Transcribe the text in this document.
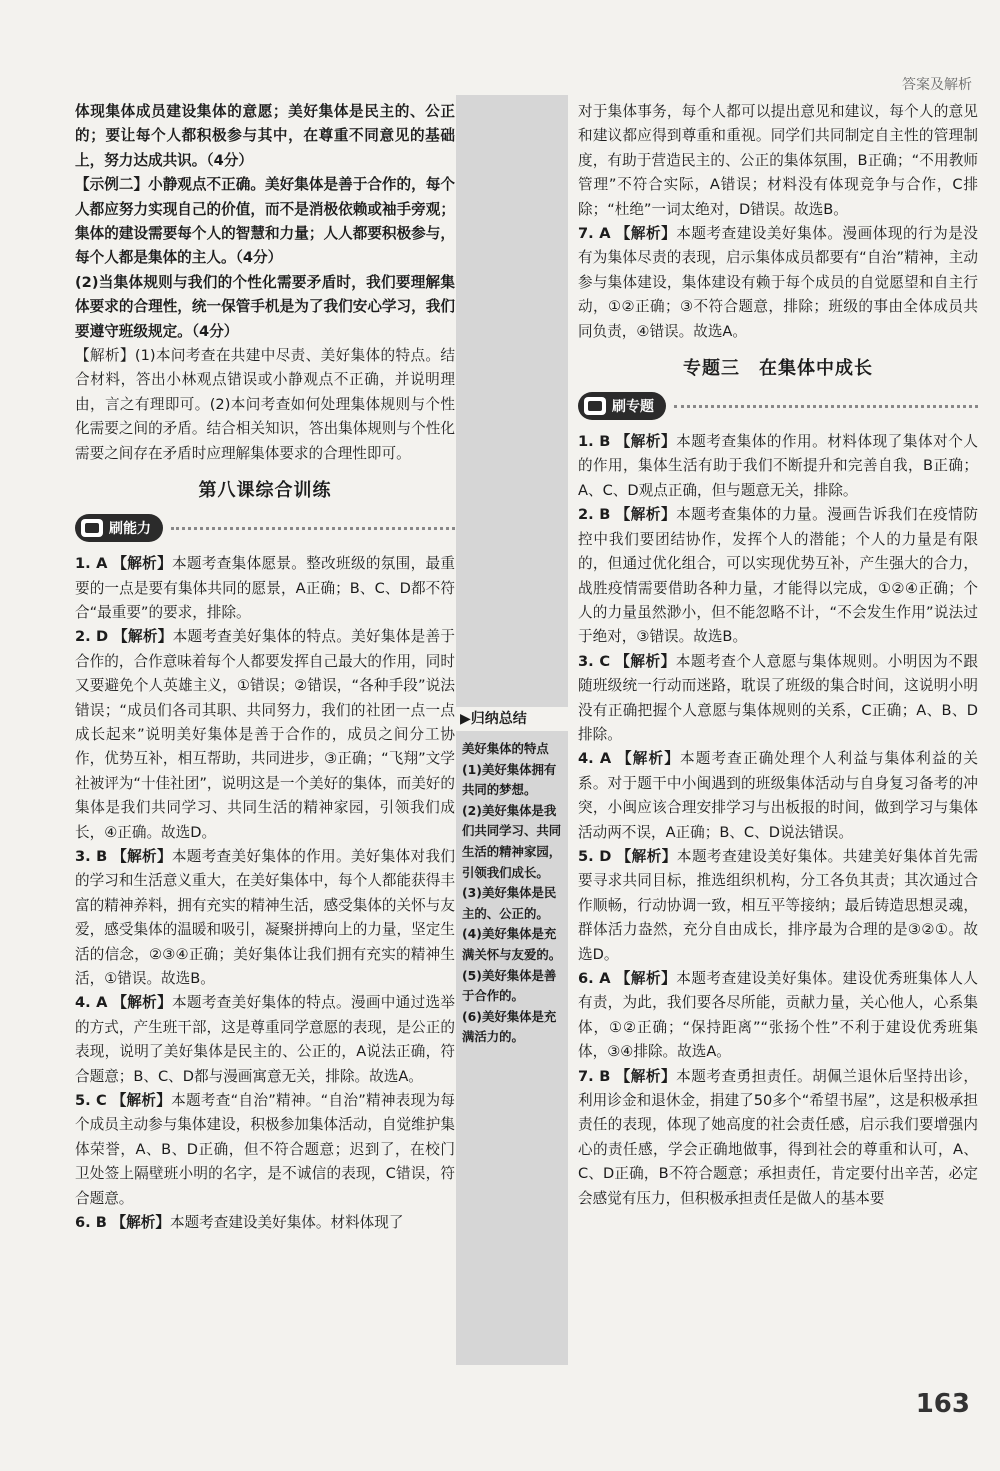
答案及解析

体现集体成员建设集体的意愿；美好集体是民主的、公正的；要让每个人都积极参与其中，在尊重不同意见的基础上，努力达成共识。（4分）

【示例二】小静观点不正确。美好集体是善于合作的，每个人都应努力实现自己的价值，而不是消极依赖或袖手旁观；集体的建设需要每个人的智慧和力量；人人都要积极参与，每个人都是集体的主人。（4分）

(2)当集体规则与我们的个性化需要矛盾时，我们要理解集体要求的合理性，统一保管手机是为了我们安心学习，我们要遵守班级规定。（4分）

【解析】(1)本问考查在共建中尽责、美好集体的特点。结合材料，答出小林观点错误或小静观点不正确，并说明理由，言之有理即可。(2)本问考查如何处理集体规则与个性化需要之间的矛盾。结合相关知识，答出集体规则与个性化需要之间存在矛盾时应理解集体要求的合理性即可。

第八课综合训练
刷能力

1. A 【解析】本题考查集体愿景。整改班级的氛围，最重要的一点是要有集体共同的愿景，A正确；B、C、D都不符合“最重要”的要求，排除。

2. D 【解析】本题考查美好集体的特点。美好集体是善于合作的，合作意味着每个人都要发挥自己最大的作用，同时又要避免个人英雄主义，①错误；②错误，“各种手段”说法错误；“成员们各司其职、共同努力，我们的社团一点一点成长起来”说明美好集体是善于合作的，成员之间分工协作，优势互补，相互帮助，共同进步，③正确；“飞翔”文学社被评为“十佳社团”，说明这是一个美好的集体，而美好的集体是我们共同学习、共同生活的精神家园，引领我们成长，④正确。故选D。

3. B 【解析】本题考查美好集体的作用。美好集体对我们的学习和生活意义重大，在美好集体中，每个人都能获得丰富的精神养料，拥有充实的精神生活，感受集体的关怀与友爱，感受集体的温暖和吸引，凝聚拼搏向上的力量，坚定生活的信念，②③④正确；美好集体让我们拥有充实的精神生活，①错误。故选B。

4. A 【解析】本题考查美好集体的特点。漫画中通过选举的方式，产生班干部，这是尊重同学意愿的表现，是公正的表现，说明了美好集体是民主的、公正的，A说法正确，符合题意；B、C、D都与漫画寓意无关，排除。故选A。

5. C 【解析】本题考查“自治”精神。“自治”精神表现为每个成员主动参与集体建设，积极参加集体活动，自觉维护集体荣誉，A、B、D正确，但不符合题意；迟到了，在校门卫处签上隔壁班小明的名字，是不诚信的表现，C错误，符合题意。

6. B 【解析】本题考查建设美好集体。材料体现了

▶归纳总结
美好集体的特点
(1)美好集体拥有共同的梦想。
(2)美好集体是我们共同学习、共同生活的精神家园，引领我们成长。
(3)美好集体是民主的、公正的。
(4)美好集体是充满关怀与友爱的。
(5)美好集体是善于合作的。
(6)美好集体是充满活力的。

对于集体事务，每个人都可以提出意见和建议，每个人的意见和建议都应得到尊重和重视。同学们共同制定自主性的管理制度，有助于营造民主的、公正的集体氛围，B正确；“不用教师管理”不符合实际，A错误；材料没有体现竞争与合作，C排除；“杜绝”一词太绝对，D错误。故选B。

7. A 【解析】本题考查建设美好集体。漫画体现的行为是没有为集体尽责的表现，启示集体成员都要有“自治”精神，主动参与集体建设，集体建设有赖于每个成员的自觉愿望和自主行动，①②正确；③不符合题意，排除；班级的事由全体成员共同负责，④错误。故选A。

专题三　在集体中成长
刷专题

1. B 【解析】本题考查集体的作用。材料体现了集体对个人的作用，集体生活有助于我们不断提升和完善自我，B正确；A、C、D观点正确，但与题意无关，排除。

2. B 【解析】本题考查集体的力量。漫画告诉我们在疫情防控中我们要团结协作，发挥个人的潜能；个人的力量是有限的，但通过优化组合，可以实现优势互补，产生强大的合力，战胜疫情需要借助各种力量，才能得以完成，①②④正确；个人的力量虽然渺小，但不能忽略不计，“不会发生作用”说法过于绝对，③错误。故选B。

3. C 【解析】本题考查个人意愿与集体规则。小明因为不跟随班级统一行动而迷路，耽误了班级的集合时间，这说明小明没有正确把握个人意愿与集体规则的关系，C正确；A、B、D排除。

4. A 【解析】本题考查正确处理个人利益与集体利益的关系。对于题干中小闽遇到的班级集体活动与自身复习备考的冲突，小闽应该合理安排学习与出板报的时间，做到学习与集体活动两不误，A正确；B、C、D说法错误。

5. D 【解析】本题考查建设美好集体。共建美好集体首先需要寻求共同目标，推选组织机构，分工各负其责；其次通过合作顺畅，行动协调一致，相互平等接纳；最后铸造思想灵魂，群体活力盎然，充分自由成长，排序最为合理的是③②①。故选D。

6. A 【解析】本题考查建设美好集体。建设优秀班集体人人有责，为此，我们要各尽所能，贡献力量，关心他人，心系集体，①②正确；“保持距离”“张扬个性”不利于建设优秀班集体，③④排除。故选A。

7. B 【解析】本题考查勇担责任。胡佩兰退休后坚持出诊，利用诊金和退休金，捐建了50多个“希望书屋”，这是积极承担责任的表现，体现了她高度的社会责任感，启示我们要增强内心的责任感，学会正确地做事，得到社会的尊重和认可，A、C、D正确，B不符合题意；承担责任，肯定要付出辛苦，必定会感觉有压力，但积极承担责任是做人的基本要

163
